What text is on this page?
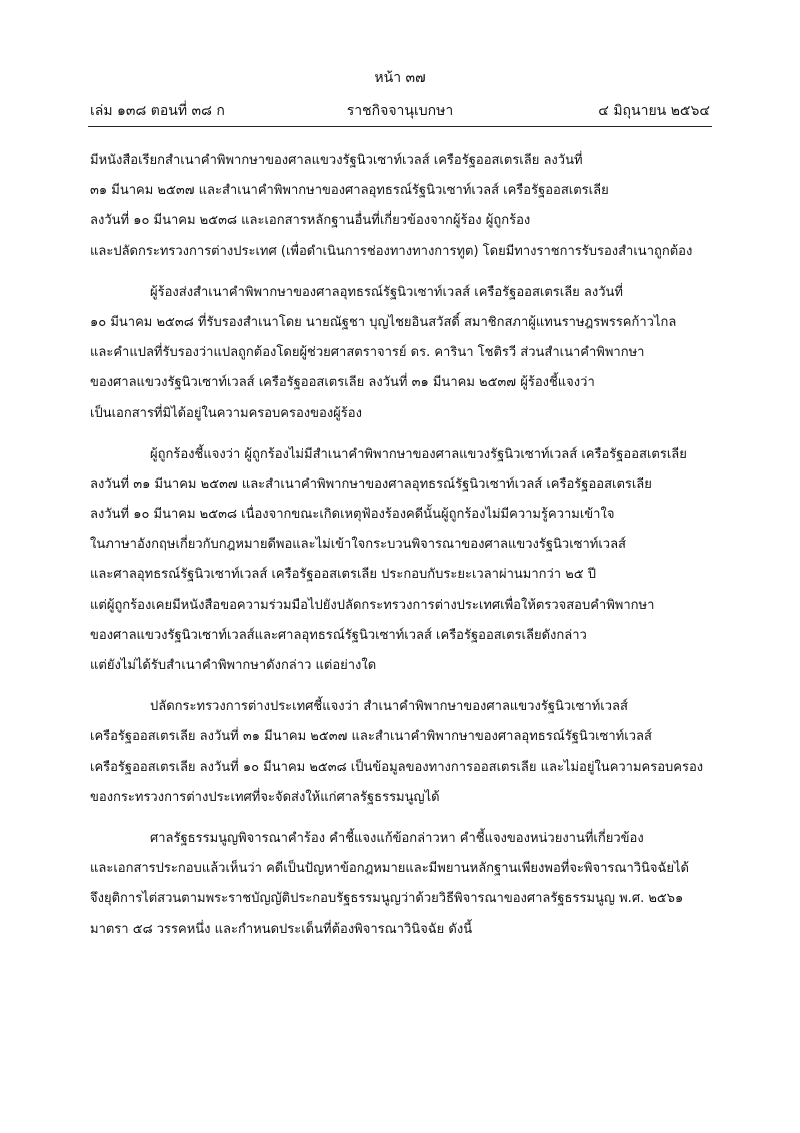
หน้า ๓๗
เล่ม ๑๓๘ ตอนที่ ๓๘ ก	ราชกิจจานุเบกษา	๔ มิถุนายน ๒๕๖๔
มีหนังสือเรียกสำเนาคำพิพากษาของศาลแขวงรัฐนิวเซาท์เวลส์ เครือรัฐออสเตรเลีย ลงวันที่
๓๑ มีนาคม ๒๕๓๗ และสำเนาคำพิพากษาของศาลอุทธรณ์รัฐนิวเซาท์เวลส์ เครือรัฐออสเตรเลีย
ลงวันที่ ๑๐ มีนาคม ๒๕๓๘ และเอกสารหลักฐานอื่นที่เกี่ยวข้องจากผู้ร้อง ผู้ถูกร้อง
และปลัดกระทรวงการต่างประเทศ (เพื่อดำเนินการช่องทางทางการทูต) โดยมีทางราชการรับรองสำเนาถูกต้อง
ผู้ร้องส่งสำเนาคำพิพากษาของศาลอุทธรณ์รัฐนิวเซาท์เวลส์ เครือรัฐออสเตรเลีย ลงวันที่
๑๐ มีนาคม ๒๕๓๘ ที่รับรองสำเนาโดย นายณัฐชา บุญไชยอินสวัสดิ์ สมาชิกสภาผู้แทนราษฎรพรรคก้าวไกล
และคำแปลที่รับรองว่าแปลถูกต้องโดยผู้ช่วยศาสตราจารย์ ดร. คารินา โชติรวี ส่วนสำเนาคำพิพากษา
ของศาลแขวงรัฐนิวเซาท์เวลส์ เครือรัฐออสเตรเลีย ลงวันที่ ๓๑ มีนาคม ๒๕๓๗ ผู้ร้องชี้แจงว่า
เป็นเอกสารที่มิได้อยู่ในความครอบครองของผู้ร้อง
ผู้ถูกร้องชี้แจงว่า ผู้ถูกร้องไม่มีสำเนาคำพิพากษาของศาลแขวงรัฐนิวเซาท์เวลส์ เครือรัฐออสเตรเลีย
ลงวันที่ ๓๑ มีนาคม ๒๕๓๗ และสำเนาคำพิพากษาของศาลอุทธรณ์รัฐนิวเซาท์เวลส์ เครือรัฐออสเตรเลีย
ลงวันที่ ๑๐ มีนาคม ๒๕๓๘ เนื่องจากขณะเกิดเหตุฟ้องร้องคดีนั้นผู้ถูกร้องไม่มีความรู้ความเข้าใจ
ในภาษาอังกฤษเกี่ยวกับกฎหมายดีพอและไม่เข้าใจกระบวนพิจารณาของศาลแขวงรัฐนิวเซาท์เวลส์
และศาลอุทธรณ์รัฐนิวเซาท์เวลส์ เครือรัฐออสเตรเลีย ประกอบกับระยะเวลาผ่านมากว่า ๒๕ ปี
แต่ผู้ถูกร้องเคยมีหนังสือขอความร่วมมือไปยังปลัดกระทรวงการต่างประเทศเพื่อให้ตรวจสอบคำพิพากษา
ของศาลแขวงรัฐนิวเซาท์เวลส์และศาลอุทธรณ์รัฐนิวเซาท์เวลส์ เครือรัฐออสเตรเลียดังกล่าว
แต่ยังไม่ได้รับสำเนาคำพิพากษาดังกล่าว แต่อย่างใด
ปลัดกระทรวงการต่างประเทศชี้แจงว่า สำเนาคำพิพากษาของศาลแขวงรัฐนิวเซาท์เวลส์
เครือรัฐออสเตรเลีย ลงวันที่ ๓๑ มีนาคม ๒๕๓๗ และสำเนาคำพิพากษาของศาลอุทธรณ์รัฐนิวเซาท์เวลส์
เครือรัฐออสเตรเลีย ลงวันที่ ๑๐ มีนาคม ๒๕๓๘ เป็นข้อมูลของทางการออสเตรเลีย และไม่อยู่ในความครอบครอง
ของกระทรวงการต่างประเทศที่จะจัดส่งให้แก่ศาลรัฐธรรมนูญได้
ศาลรัฐธรรมนูญพิจารณาคำร้อง คำชี้แจงแก้ข้อกล่าวหา คำชี้แจงของหน่วยงานที่เกี่ยวข้อง
และเอกสารประกอบแล้วเห็นว่า คดีเป็นปัญหาข้อกฎหมายและมีพยานหลักฐานเพียงพอที่จะพิจารณาวินิจฉัยได้
จึงยุติการไต่สวนตามพระราชบัญญัติประกอบรัฐธรรมนูญว่าด้วยวิธีพิจารณาของศาลรัฐธรรมนูญ พ.ศ. ๒๕๖๑
มาตรา ๕๘ วรรคหนึ่ง และกำหนดประเด็นที่ต้องพิจารณาวินิจฉัย ดังนี้
